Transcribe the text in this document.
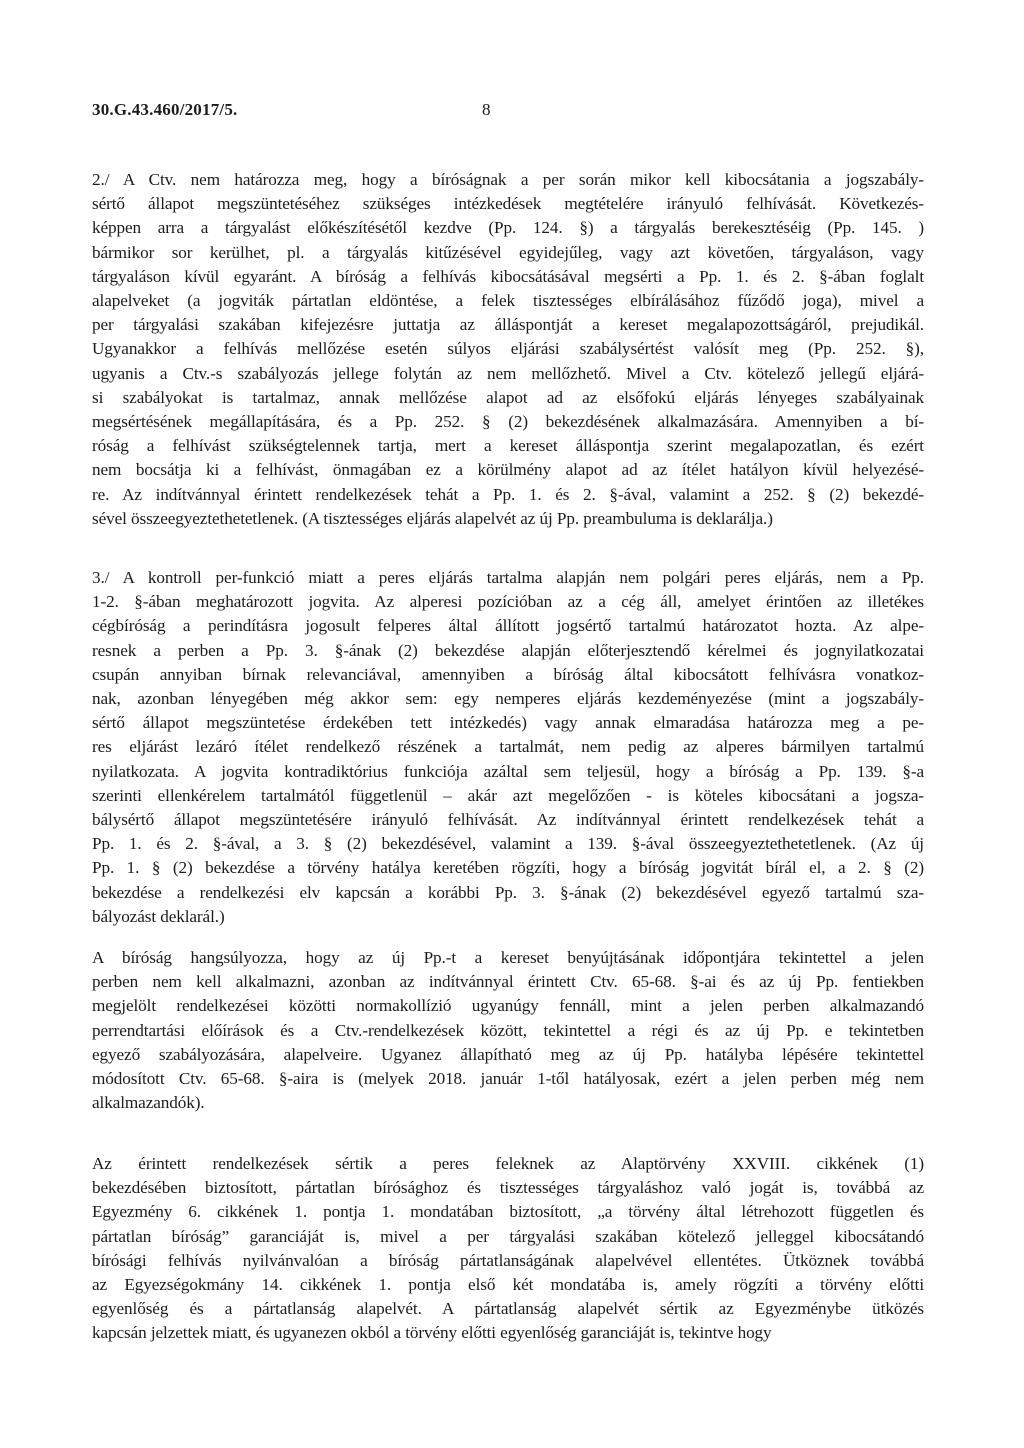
30.G.43.460/2017/5.	8

2./ A Ctv. nem határozza meg, hogy a bíróságnak a per során mikor kell kibocsátania a jogszabály-
sértő állapot megszüntetéséhez szükséges intézkedések megtételére irányuló felhívását. Következés-
képpen arra a tárgyalást előkészítésétől kezdve (Pp. 124. §) a tárgyalás berekesztéséig (Pp. 145. )
bármikor sor kerülhet, pl. a tárgyalás kitűzésével egyidejűleg, vagy azt követően, tárgyaláson, vagy
tárgyaláson kívül egyaránt. A bíróság a felhívás kibocsátásával megsérti a Pp. 1. és 2. §-ában foglalt
alapelveket (a jogviták pártatlan eldöntése, a felek tisztességes elbírálásához fűződő joga), mivel a
per tárgyalási szakában kifejezésre juttatja az álláspontját a kereset megalapozottságáról, prejudikál.
Ugyanakkor a felhívás mellőzése esetén súlyos eljárási szabálysértést valósít meg (Pp. 252. §),
ugyanis a Ctv.-s szabályozás jellege folytán az nem mellőzhető. Mivel a Ctv. kötelező jellegű eljárá-
si szabályokat is tartalmaz, annak mellőzése alapot ad az elsőfokú eljárás lényeges szabályainak
megsértésének megállapítására, és a Pp. 252. § (2) bekezdésének alkalmazására. Amennyiben a bí-
róság a felhívást szükségtelennek tartja, mert a kereset álláspontja szerint megalapozatlan, és ezért
nem bocsátja ki a felhívást, önmagában ez a körülmény alapot ad az ítélet hatályon kívül helyezésé-
re. Az indítvánnyal érintett rendelkezések tehát a Pp. 1. és 2. §-ával, valamint a 252. § (2) bekezdé-
sével összeegyeztethetetlenek. (A tisztességes eljárás alapelvét az új Pp. preambuluma is deklarálja.)

3./ A kontroll per-funkció miatt a peres eljárás tartalma alapján nem polgári peres eljárás, nem a Pp.
1-2. §-ában meghatározott jogvita. Az alperesi pozícióban az a cég áll, amelyet érintően az illetékes
cégbíróság a perindításra jogosult felperes által állított jogsértő tartalmú határozatot hozta. Az alpe-
resnek a perben a Pp. 3. §-ának (2) bekezdése alapján előterjesztendő kérelmei és jognyilatkozatai
csupán annyiban bírnak relevanciával, amennyiben a bíróság által kibocsátott felhívásra vonatkoz-
nak, azonban lényegében még akkor sem: egy nemperes eljárás kezdeményezése (mint a jogszabály-
sértő állapot megszüntetése érdekében tett intézkedés) vagy annak elmaradása határozza meg a pe-
res eljárást lezáró ítélet rendelkező részének a tartalmát, nem pedig az alperes bármilyen tartalmú
nyilatkozata. A jogvita kontradiktórius funkciója azáltal sem teljesül, hogy a bíróság a Pp. 139. §-a
szerinti ellenkérelem tartalmától függetlenül – akár azt megelőzően - is köteles kibocsátani a jogsza-
bálysértő állapot megszüntetésére irányuló felhívását. Az indítvánnyal érintett rendelkezések tehát a
Pp. 1. és 2. §-ával, a 3. § (2) bekezdésével, valamint a 139. §-ával összeegyeztethetetlenek. (Az új
Pp. 1. § (2) bekezdése a törvény hatálya keretében rögzíti, hogy a bíróság jogvitát bírál el, a 2. § (2)
bekezdése a rendelkezési elv kapcsán a korábbi Pp. 3. §-ának (2) bekezdésével egyező tartalmú sza-
bályozást deklarál.)

A bíróság hangsúlyozza, hogy az új Pp.-t a kereset benyújtásának időpontjára tekintettel a jelen
perben nem kell alkalmazni, azonban az indítvánnyal érintett Ctv. 65-68. §-ai és az új Pp. fentiekben
megjelölt rendelkezései közötti normakollízió ugyanúgy fennáll, mint a jelen perben alkalmazandó
perrendtartási előírások és a Ctv.-rendelkezések között, tekintettel a régi és az új Pp. e tekintetben
egyező szabályozására, alapelveire. Ugyanez állapítható meg az új Pp. hatályba lépésére tekintettel
módosított Ctv. 65-68. §-aira is (melyek 2018. január 1-től hatályosak, ezért a jelen perben még nem
alkalmazandók).

Az érintett rendelkezések sértik a peres feleknek az Alaptörvény XXVIII. cikkének (1)
bekezdésében biztosított, pártatlan bírósághoz és tisztességes tárgyaláshoz való jogát is, továbbá az
Egyezmény 6. cikkének 1. pontja 1. mondatában biztosított, „a törvény által létrehozott független és
pártatlan bíróság” garanciáját is, mivel a per tárgyalási szakában kötelező jelleggel kibocsátandó
bírósági felhívás nyilvánvalóan a bíróság pártatlanságának alapelvével ellentétes. Ütköznek továbbá
az Egyezségokmány 14. cikkének 1. pontja első két mondatába is, amely rögzíti a törvény előtti
egyenlőség és a pártatlanság alapelvét. A pártatlanság alapelvét sértik az Egyezménybe ütközés
kapcsán jelzettek miatt, és ugyanezen okból a törvény előtti egyenlőség garanciáját is, tekintve hogy
